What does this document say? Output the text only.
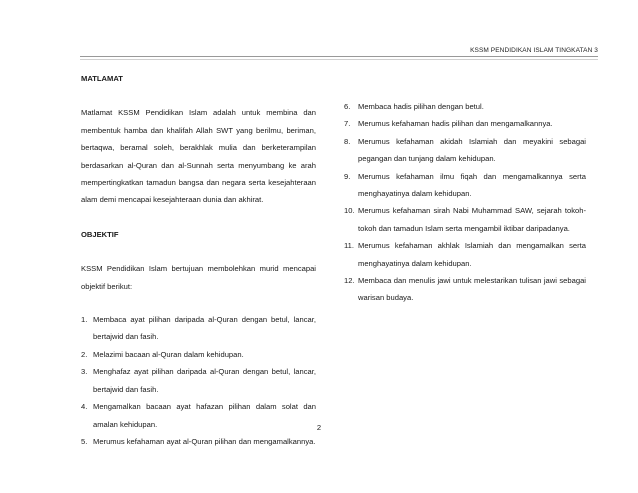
KSSM PENDIDIKAN ISLAM TINGKATAN 3
MATLAMAT

Matlamat KSSM Pendidikan Islam adalah untuk membina dan membentuk hamba dan khalifah Allah SWT yang berilmu, beriman, bertaqwa, beramal soleh, berakhlak mulia dan berketerampilan berdasarkan al-Quran dan al-Sunnah serta menyumbang ke arah mempertingkatkan tamadun bangsa dan negara serta kesejahteraan alam demi mencapai kesejahteraan dunia dan akhirat.

OBJEKTIF

KSSM Pendidikan Islam bertujuan membolehkan murid mencapai objektif berikut:

1. Membaca ayat pilihan daripada al-Quran dengan betul, lancar, bertajwid dan fasih.
2. Melazimi bacaan al-Quran dalam kehidupan.
3. Menghafaz ayat pilihan daripada al-Quran dengan betul, lancar, bertajwid dan fasih.
4. Mengamalkan bacaan ayat hafazan pilihan dalam solat dan amalan kehidupan.
5. Merumus kefahaman ayat al-Quran pilihan dan mengamalkannya.
6. Membaca hadis pilihan dengan betul.
7. Merumus kefahaman hadis pilihan dan mengamalkannya.
8. Merumus kefahaman akidah Islamiah dan meyakini sebagai pegangan dan tunjang dalam kehidupan.
9. Merumus kefahaman ilmu fiqah dan mengamalkannya serta menghayatinya dalam kehidupan.
10. Merumus kefahaman sirah Nabi Muhammad SAW, sejarah tokoh-tokoh dan tamadun Islam serta mengambil iktibar daripadanya.
11. Merumus kefahaman akhlak Islamiah dan mengamalkan serta menghayatinya dalam kehidupan.
12. Membaca dan menulis jawi untuk melestarikan tulisan jawi sebagai warisan budaya.
2
